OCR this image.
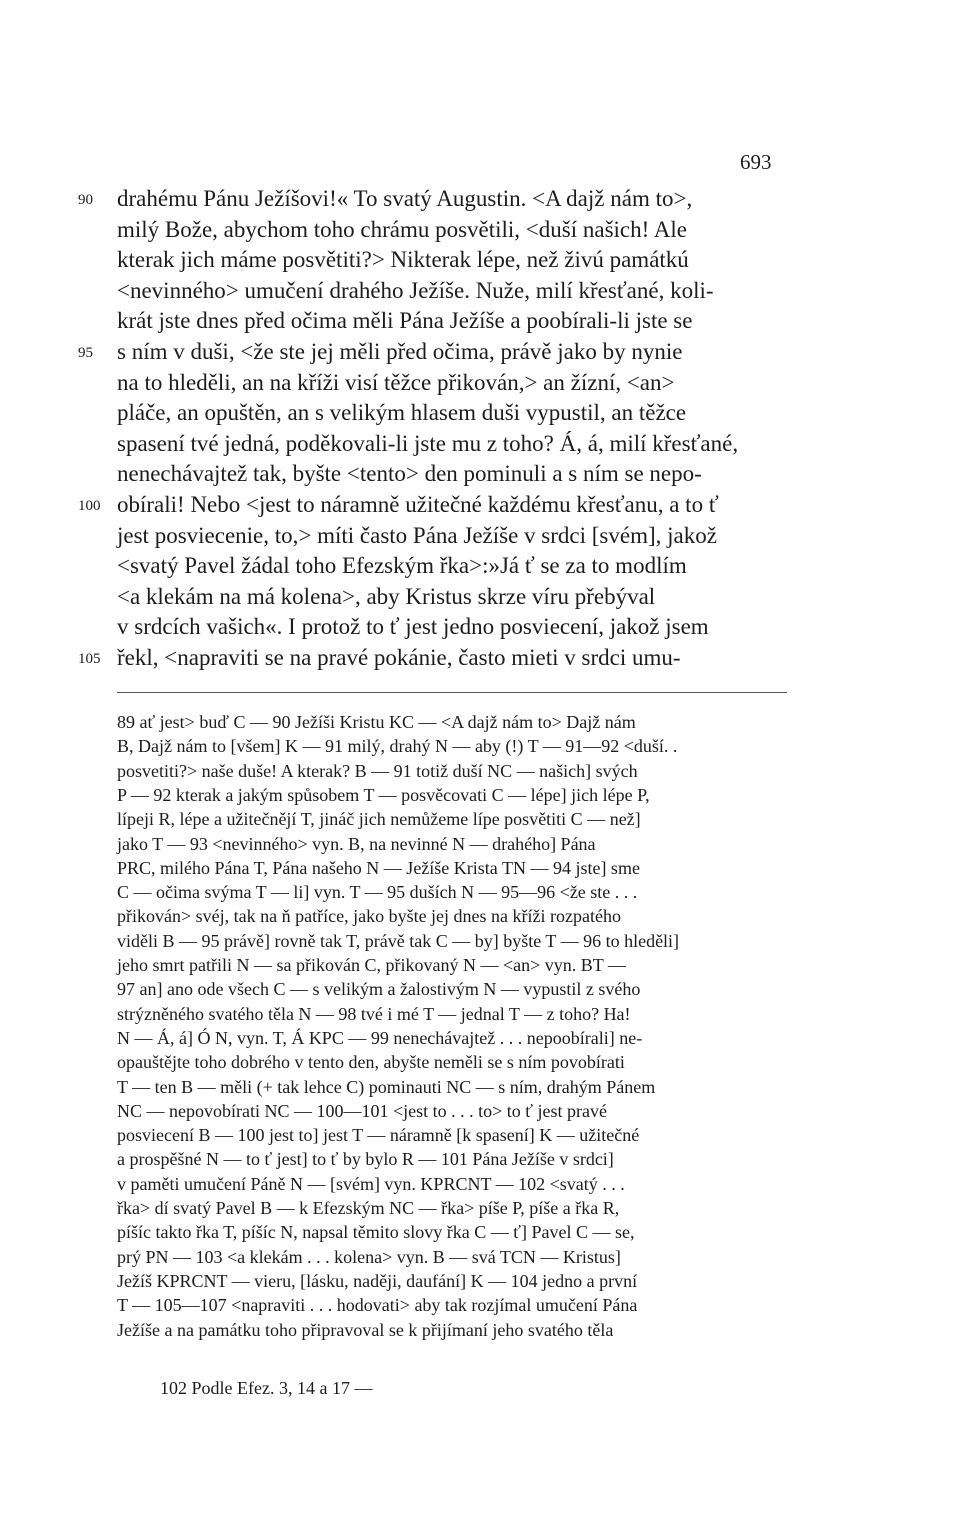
693
drahému Pánu Ježíšovi!« To svatý Augustin. <A dajž nám to>,
90
milý Bože, abychom toho chrámu posvětili, <duší našich! Ale
kterak jich máme posvětiti?> Nikterak lépe, než živú památkú
<nevinného> umučení drahého Ježíše. Nuže, milí křesťané, koli-
krát jste dnes před očima měli Pána Ježíše a poobírali-li jste se
s ním v duši, <že ste jej měli před očima, právě jako by nynie
95
na to hleděli, an na kříži visí těžce přikován,> an žízní, <an>
pláče, an opuštěn, an s velikým hlasem duši vypustil, an těžce
spasení tvé jedná, poděkovali-li jste mu z toho? Á, á, milí křesťané,
nenechávajtež tak, byšte <tento> den pominuli a s ním se nepo-
obírali! Nebo <jest to náramně užitečné každému křesťanu, a to ť
100
jest posviecenie, to,> míti často Pána Ježíše v srdci [svém], jakož
<svatý Pavel žádal toho Efezským řka>:»Já ť se za to modlím
<a klekám na má kolena>, aby Kristus skrze víru přebýval
v srdcích vašich«. I protož to ť jest jedno posviecení, jakož jsem
řekl, <napraviti se na pravé pokánie, často mieti v srdci umu-
105
89 ať jest> buď C — 90 Ježíši Kristu KC — <A dajž nám to> Dajž nám
B, Dajž nám to [všem] K — 91 milý, drahý N — aby (!) T — 91—92 <duší. .
posvetiti?> naše duše! A kterak? B — 91 totiž duší NC — našich] svých
P — 92 kterak a jakým spůsobem T — posvěcovati C — lépe] jich lépe P,
lípeji R, lépe a užitečnějí T, jináč jich nemůžeme lípe posvětiti C — než]
jako T — 93 <nevinného> vyn. B, na nevinné N — drahého] Pána
PRC, milého Pána T, Pána našeho N — Ježíše Krista TN — 94 jste] sme
C — očima svýma T — li] vyn. T — 95 duších N — 95—96 <že ste . . .
přikován> svéj, tak na ň patříce, jako byšte jej dnes na kříži rozpatého
viděli B — 95 právě] rovně tak T, právě tak C — by] byšte T — 96 to hleděli]
jeho smrt patřili N — sa přikován C, přikovaný N — <an> vyn. BT —
97 an] ano ode všech C — s velikým a žalostivým N — vypustil z svého
strýzněného svatého těla N — 98 tvé i mé T — jednal T — z toho? Ha!
N — Á, á] Ó N, vyn. T, Á KPC — 99 nenechávajtež . . . nepoobírali] ne-
opauštějte toho dobrého v tento den, abyšte neměli se s ním povobírati
T — ten B — měli (+ tak lehce C) pominauti NC — s ním, drahým Pánem
NC — nepovobírati NC — 100—101 <jest to . . . to> to ť jest pravé
posviecení B — 100 jest to] jest T — náramně [k spasení] K — užitečné
a prospěšné N — to ť jest] to ť by bylo R — 101 Pána Ježíše v srdci]
v paměti umučení Páně N — [svém] vyn. KPRCNT — 102 <svatý . . .
řka> dí svatý Pavel B — k Efezským NC — řka> píše P, píše a řka R,
píšíc takto řka T, píšíc N, napsal těmito slovy řka C — ť] Pavel C — se,
prý PN — 103 <a klekám . . . kolena> vyn. B — svá TCN — Kristus]
Ježíš KPRCNT — vieru, [lásku, naději, daufání] K — 104 jedno a první
T — 105—107 <napraviti . . . hodovati> aby tak rozjímal umučení Pána
Ježíše a na památku toho připravoval se k přijímaní jeho svatého těla
102 Podle Efez. 3, 14 a 17 —
